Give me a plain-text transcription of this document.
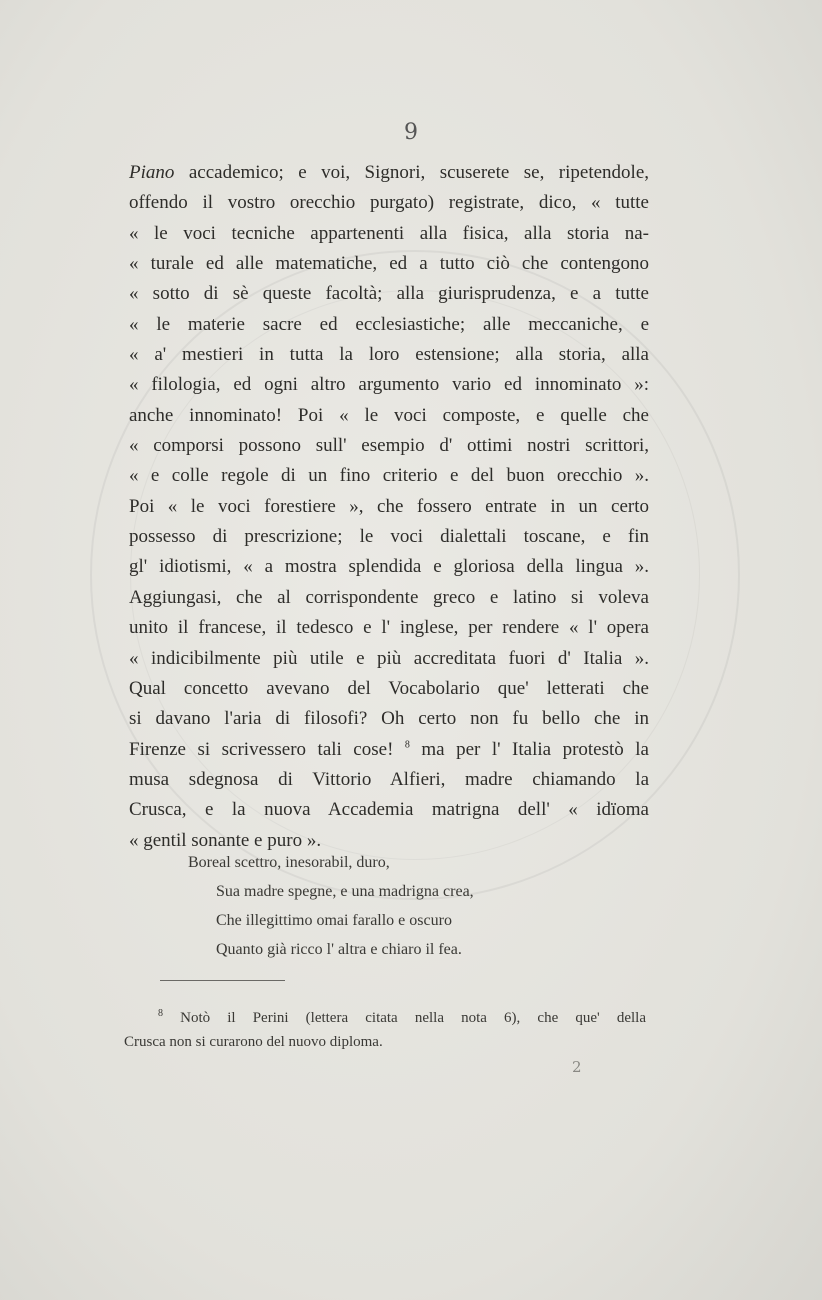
9
Piano accademico; e voi, Signori, scuserete se, ripetendole,
offendo il vostro orecchio purgato) registrate, dico, « tutte
« le voci tecniche appartenenti alla fisica, alla storia na-
« turale ed alle matematiche, ed a tutto ciò che contengono
« sotto di sè queste facoltà; alla giurisprudenza, e a tutte
« le materie sacre ed ecclesiastiche; alle meccaniche, e
« a' mestieri in tutta la loro estensione; alla storia, alla
« filologia, ed ogni altro argumento vario ed innominato »:
anche innominato! Poi « le voci composte, e quelle che
« comporsi possono sull' esempio d' ottimi nostri scrittori,
« e colle regole di un fino criterio e del buon orecchio ».
Poi « le voci forestiere », che fossero entrate in un certo
possesso di prescrizione; le voci dialettali toscane, e fin
gl' idiotismi, « a mostra splendida e gloriosa della lingua ».
Aggiungasi, che al corrispondente greco e latino si voleva
unito il francese, il tedesco e l' inglese, per rendere « l' opera
« indicibilmente più utile e più accreditata fuori d' Italia ».
Qual concetto avevano del Vocabolario que' letterati che
si davano l'aria di filosofi? Oh certo non fu bello che in
Firenze si scrivessero tali cose! $^8$ ma per l' Italia protestò la
musa sdegnosa di Vittorio Alfieri, madre chiamando la
Crusca, e la nuova Accademia matrigna dell' « idïoma
« gentil sonante e puro ».
Boreal scettro, inesorabil, duro,
Sua madre spegne, e una madrigna crea,
Che illegittimo omai farallo e oscuro
Quanto già ricco l' altra e chiaro il fea.
$^8$ Notò il Perini (lettera citata nella nota 6), che que' della
Crusca non si curarono del nuovo diploma.
2
